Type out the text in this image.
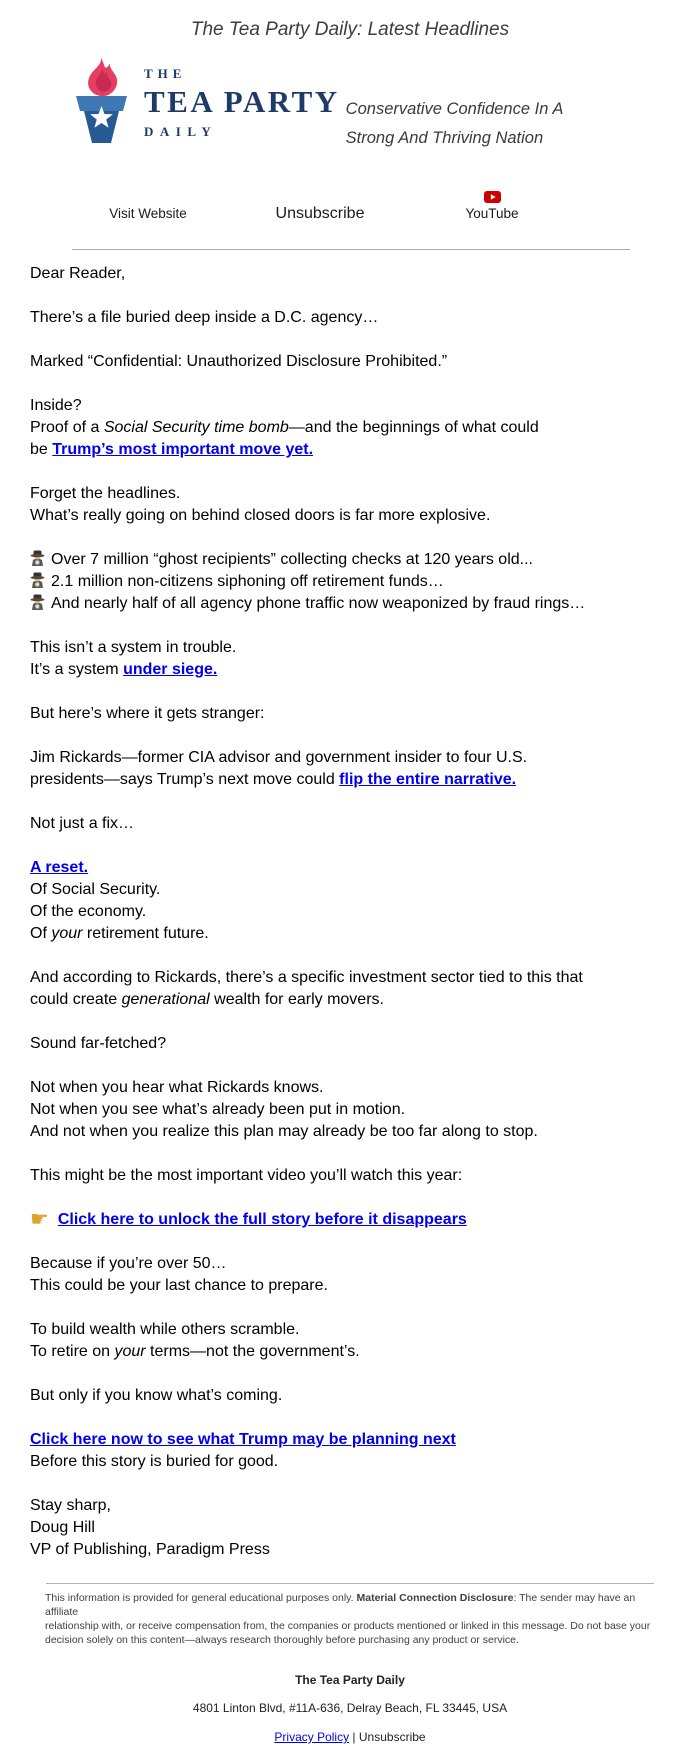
The Tea Party Daily: Latest Headlines
THE
TEA PARTY
DAILY
Conservative Confidence In A
Strong And Thriving Nation
Visit Website	Unsubscribe	YouTube

Dear Reader,

There’s a file buried deep inside a D.C. agency…

Marked “Confidential: Unauthorized Disclosure Prohibited.”

Inside?
Proof of a Social Security time bomb—and the beginnings of what could
be Trump’s most important move yet.

Forget the headlines.
What’s really going on behind closed doors is far more explosive.

Over 7 million “ghost recipients” collecting checks at 120 years old...
2.1 million non-citizens siphoning off retirement funds…
And nearly half of all agency phone traffic now weaponized by fraud rings…

This isn’t a system in trouble.
It’s a system under siege.

But here’s where it gets stranger:

Jim Rickards—former CIA advisor and government insider to four U.S.
presidents—says Trump’s next move could flip the entire narrative.

Not just a fix…

A reset.
Of Social Security.
Of the economy.
Of your retirement future.

And according to Rickards, there’s a specific investment sector tied to this that
could create generational wealth for early movers.

Sound far-fetched?

Not when you hear what Rickards knows.
Not when you see what’s already been put in motion.
And not when you realize this plan may already be too far along to stop.

This might be the most important video you’ll watch this year:

☛ Click here to unlock the full story before it disappears

Because if you’re over 50…
This could be your last chance to prepare.

To build wealth while others scramble.
To retire on your terms—not the government’s.

But only if you know what’s coming.

Click here now to see what Trump may be planning next
Before this story is buried for good.

Stay sharp,
Doug Hill
VP of Publishing, Paradigm Press

This information is provided for general educational purposes only. Material Connection Disclosure: The sender may have an affiliate
relationship with, or receive compensation from, the companies or products mentioned or linked in this message. Do not base your
decision solely on this content—always research thoroughly before purchasing any product or service.
The Tea Party Daily
4801 Linton Blvd, #11A-636, Delray Beach, FL 33445, USA
Privacy Policy | Unsubscribe
